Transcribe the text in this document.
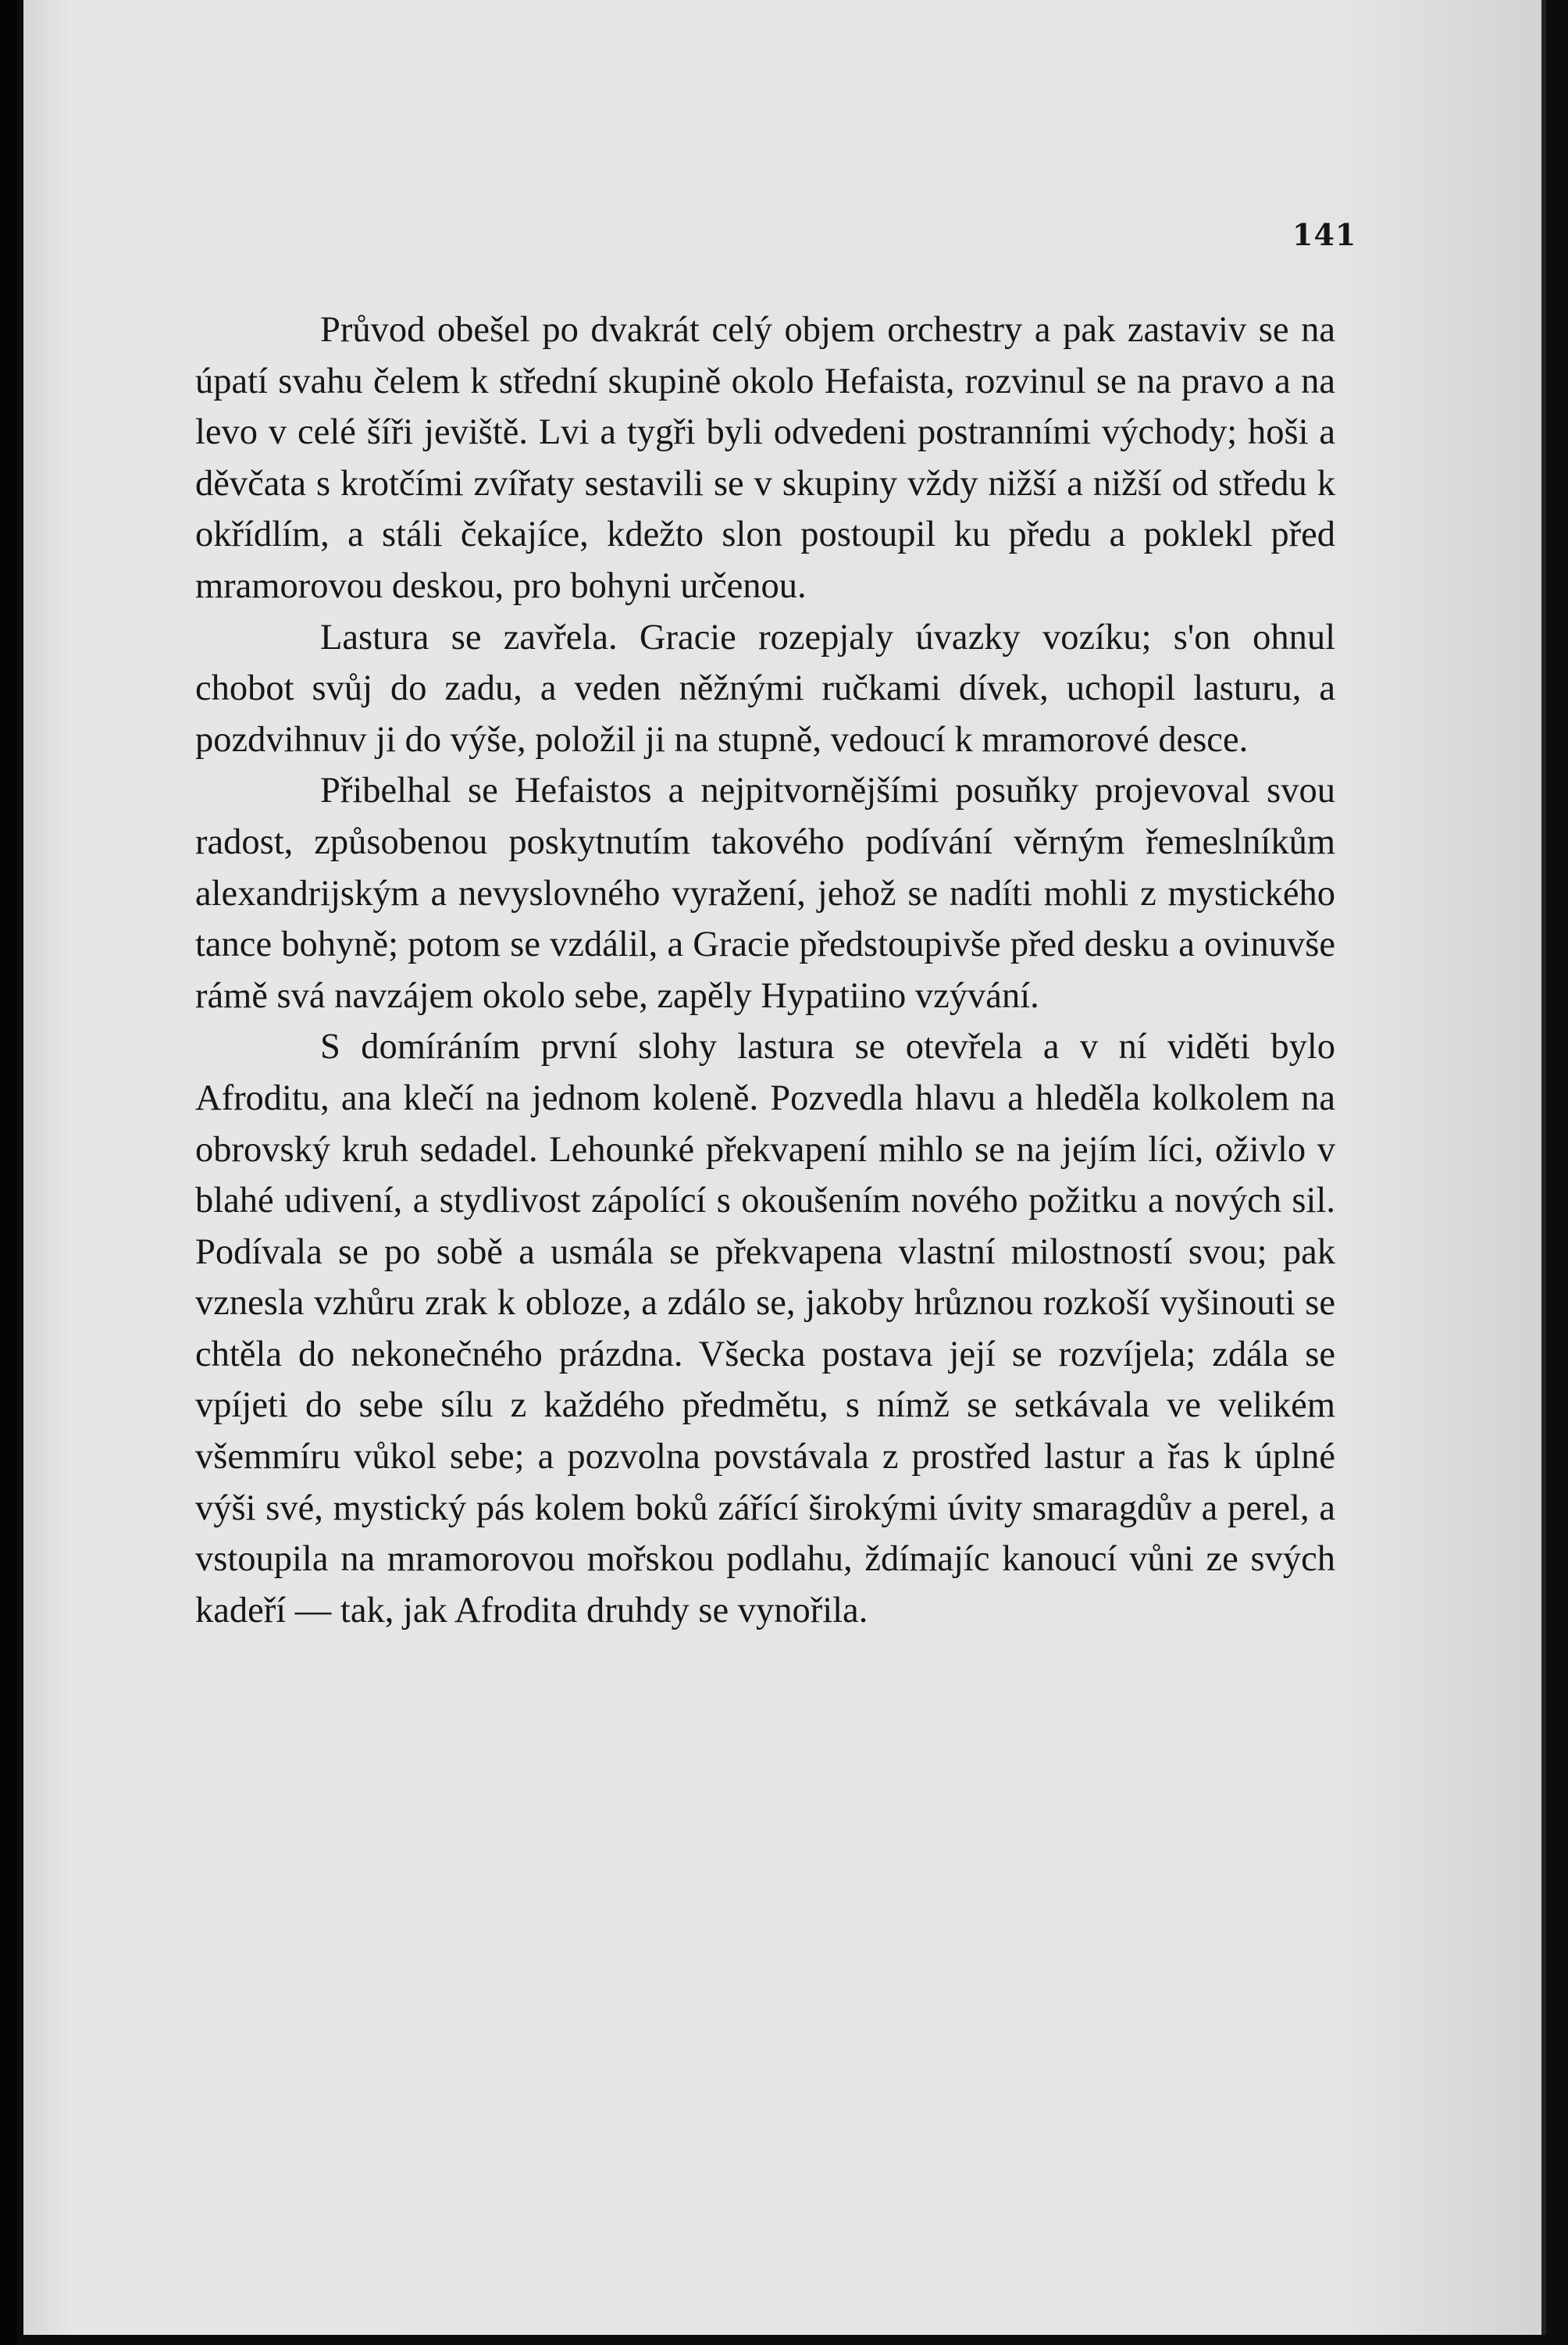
141

Průvod obešel po dvakrát celý objem orchestry a pak zastaviv se na úpatí svahu čelem k střední skupině okolo Hefaista, rozvinul se na pravo a na levo v celé šíři jeviště. Lvi a tygři byli odvedeni postranními východy; hoši a děvčata s krotčími zvířaty sestavili se v skupiny vždy nižší a nižší od středu k okřídlím, a stáli čekajíce, kdežto slon postoupil ku předu a poklekl před mramorovou deskou, pro bohyni určenou.

Lastura se zavřela. Gracie rozepjaly úvazky vozíku; s'on ohnul chobot svůj do zadu, a veden něžnými ručkami dívek, uchopil lasturu, a pozdvihnuv ji do výše, položil ji na stupně, vedoucí k mramorové desce.

Přibelhal se Hefaistos a nejpitvornějšími posuňky projevoval svou radost, způsobenou poskytnutím takového podívání věrným řemeslníkům alexandrijským a nevyslovného vyražení, jehož se nadíti mohli z mystického tance bohyně; potom se vzdálil, a Gracie předstoupivše před desku a ovinuvše rámě svá navzájem okolo sebe, zapěly Hypatiino vzývání.

S domíráním první slohy lastura se otevřela a v ní viděti bylo Afroditu, ana klečí na jednom koleně. Pozvedla hlavu a hleděla kolkolem na obrovský kruh sedadel. Lehounké překvapení mihlo se na jejím líci, oživlo v blahé udivení, a stydlivost zápolící s okoušením nového požitku a nových sil. Podívala se po sobě a usmála se překvapena vlastní milostností svou; pak vznesla vzhůru zrak k obloze, a zdálo se, jakoby hrůznou rozkoší vyšinouti se chtěla do nekonečného prázdna. Všecka postava její se rozvíjela; zdála se vpíjeti do sebe sílu z každého předmětu, s nímž se setkávala ve velikém všemmíru vůkol sebe; a pozvolna povstávala z prostřed lastur a řas k úplné výši své, mystický pás kolem boků zářící širokými úvity smaragdův a perel, a vstoupila na mramorovou mořskou podlahu, ždímajíc kanoucí vůni ze svých kadeří — tak, jak Afrodita druhdy se vynořila.
